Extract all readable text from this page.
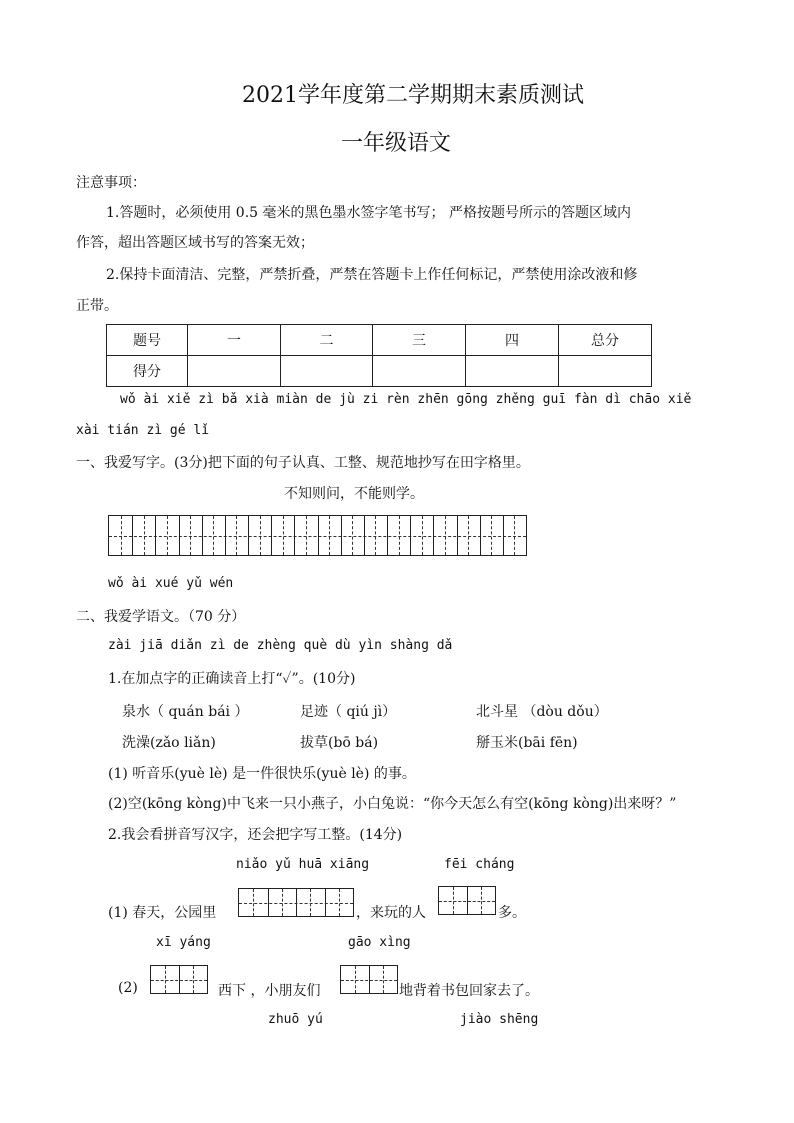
2021学年度第二学期期末素质测试
一年级语文
注意事项：
1.答题时，必须使用 0.5 毫米的黑色墨水签字笔书写； 严格按题号所示的答题区域内
作答，超出答题区域书写的答案无效；
2.保持卡面清洁、完整，严禁折叠，严禁在答题卡上作任何标记，严禁使用涂改液和修
正带。
题号	一	二	三	四	总分
得分					
wǒ ài xiě zì bǎ xià miàn de jù zi rèn zhēn gōng zhěng guī fàn dì chāo xiě
xài tián zì gé lǐ
一、我爱写字。(3分)把下面的句子认真、工整、规范地抄写在田字格里。
不知则问，不能则学。
wǒ ài xué yǔ wén
二、我爱学语文。（70 分）
zài jiā diǎn zì de zhèng què dù yìn shàng dǎ
1.在加点字的正确读音上打“✓”。(10分)
泉水（ quán bái ）	足迹（ qiú jì）	北斗星 （dòu dǒu）
洗澡(zǎo liǎn)	拔草(bō bá)	掰玉米(bāi fēn)
(1) 听音乐(yuè lè) 是一件很快乐(yuè lè) 的事。
(2)空(kōng kòng)中飞来一只小燕子，小白兔说：“你今天怎么有空(kōng kòng)出来呀？”
2.我会看拼音写汉字，还会把字写工整。(14分)
niǎo yǔ huā xiāng	fēi cháng
(1) 春天，公园里	，来玩的人	多。
xī yáng	gāo xìng
(2)	西下 ，小朋友们	地背着书包回家去了。
zhuō yú	jiào shēng
